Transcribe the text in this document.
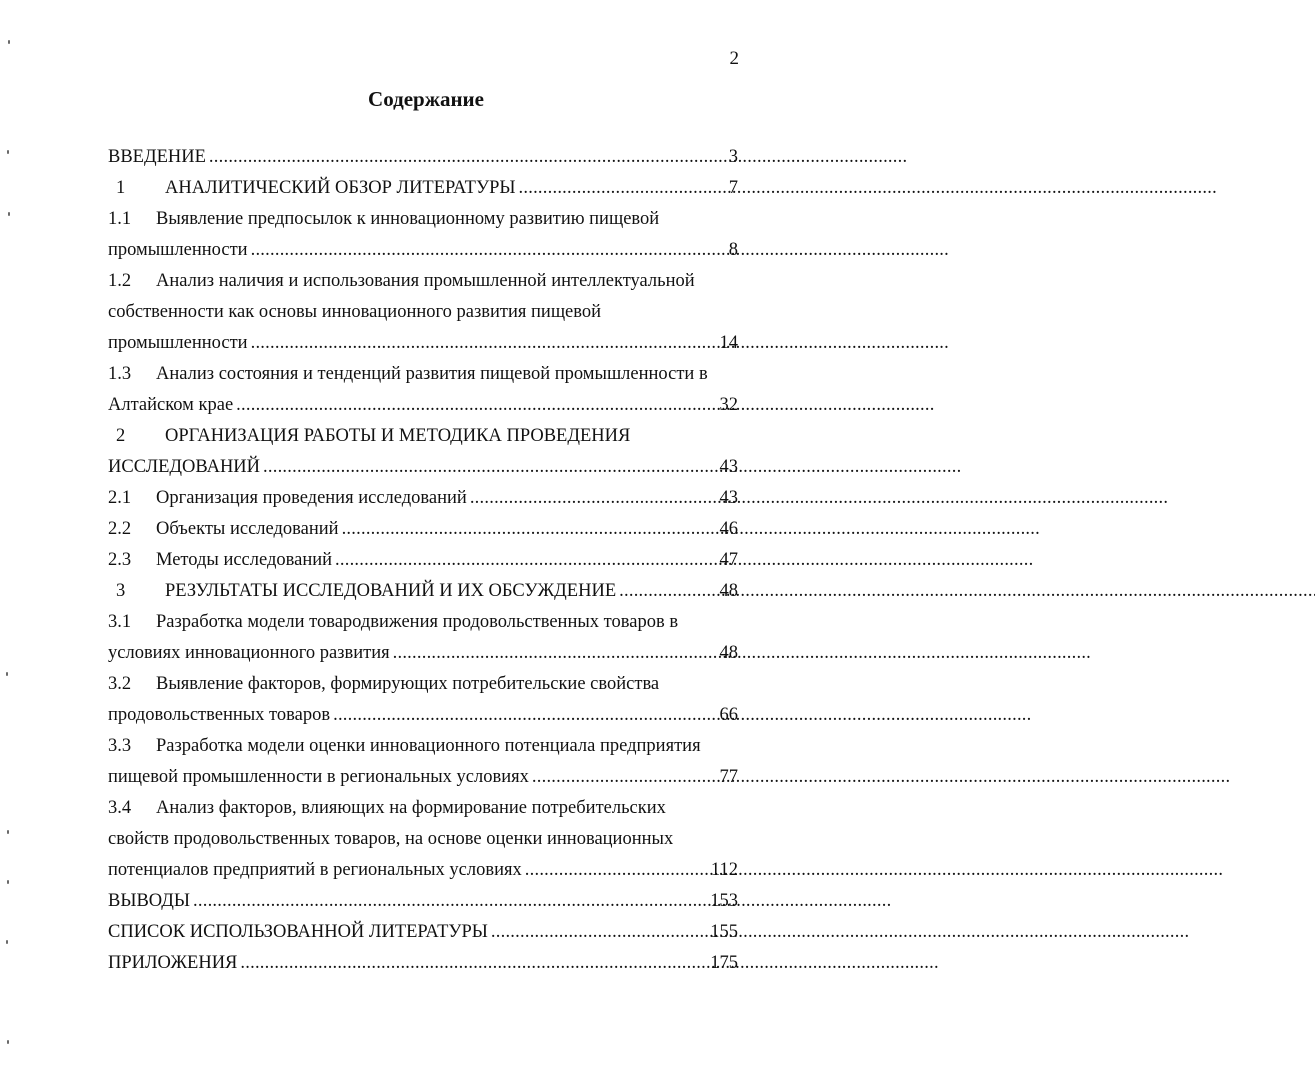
2
Содержание
ВВЕДЕНИЕ . . .	3
1	АНАЛИТИЧЕСКИЙ ОБЗОР ЛИТЕРАТУРЫ . . .	7
1.1	Выявление предпосылок к инновационному развитию пищевой
промышленности . . .	8
1.2	Анализ наличия и использования промышленной интеллектуальной
собственности как основы инновационного развития пищевой
промышленности . . .	14
1.3	Анализ состояния и тенденций развития пищевой промышленности в
Алтайском крае . . .	32
2	ОРГАНИЗАЦИЯ РАБОТЫ И МЕТОДИКА ПРОВЕДЕНИЯ
ИССЛЕДОВАНИЙ . . .	43
2.1	Организация проведения исследований . . .	43
2.2	Объекты исследований . . .	46
2.3	Методы исследований . . .	47
3	РЕЗУЛЬТАТЫ ИССЛЕДОВАНИЙ И ИХ ОБСУЖДЕНИЕ . . .	48
3.1	Разработка модели товародвижения продовольственных товаров в
условиях инновационного развития . . .	48
3.2	Выявление факторов, формирующих потребительские свойства
продовольственных товаров . . .	66
3.3	Разработка модели оценки инновационного потенциала предприятия
пищевой промышленности в региональных условиях . . .	77
3.4	Анализ факторов, влияющих на формирование потребительских
свойств продовольственных товаров, на основе оценки инновационных
потенциалов предприятий в региональных условиях . . .	112
ВЫВОДЫ . . .	153
СПИСОК ИСПОЛЬЗОВАННОЙ ЛИТЕРАТУРЫ . . .	155
ПРИЛОЖЕНИЯ . . .	175
